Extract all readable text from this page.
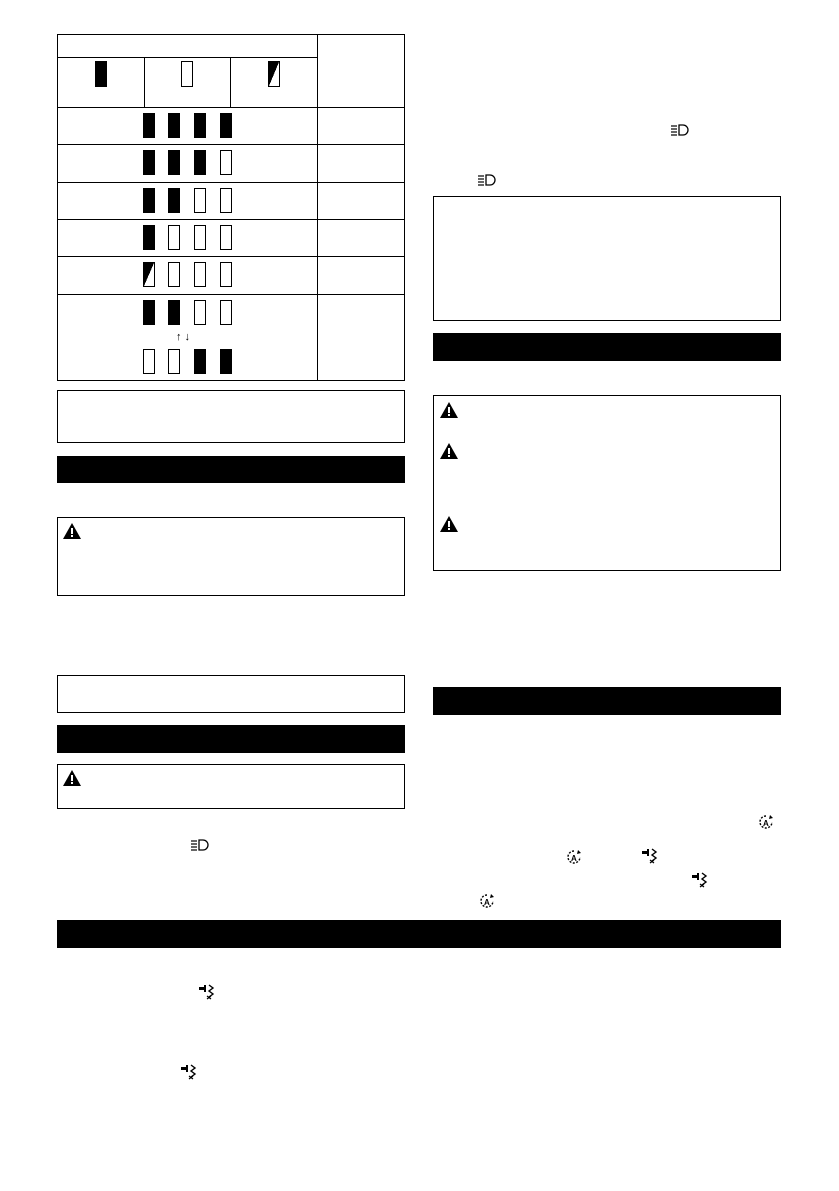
↑ ↓
A
A
A
